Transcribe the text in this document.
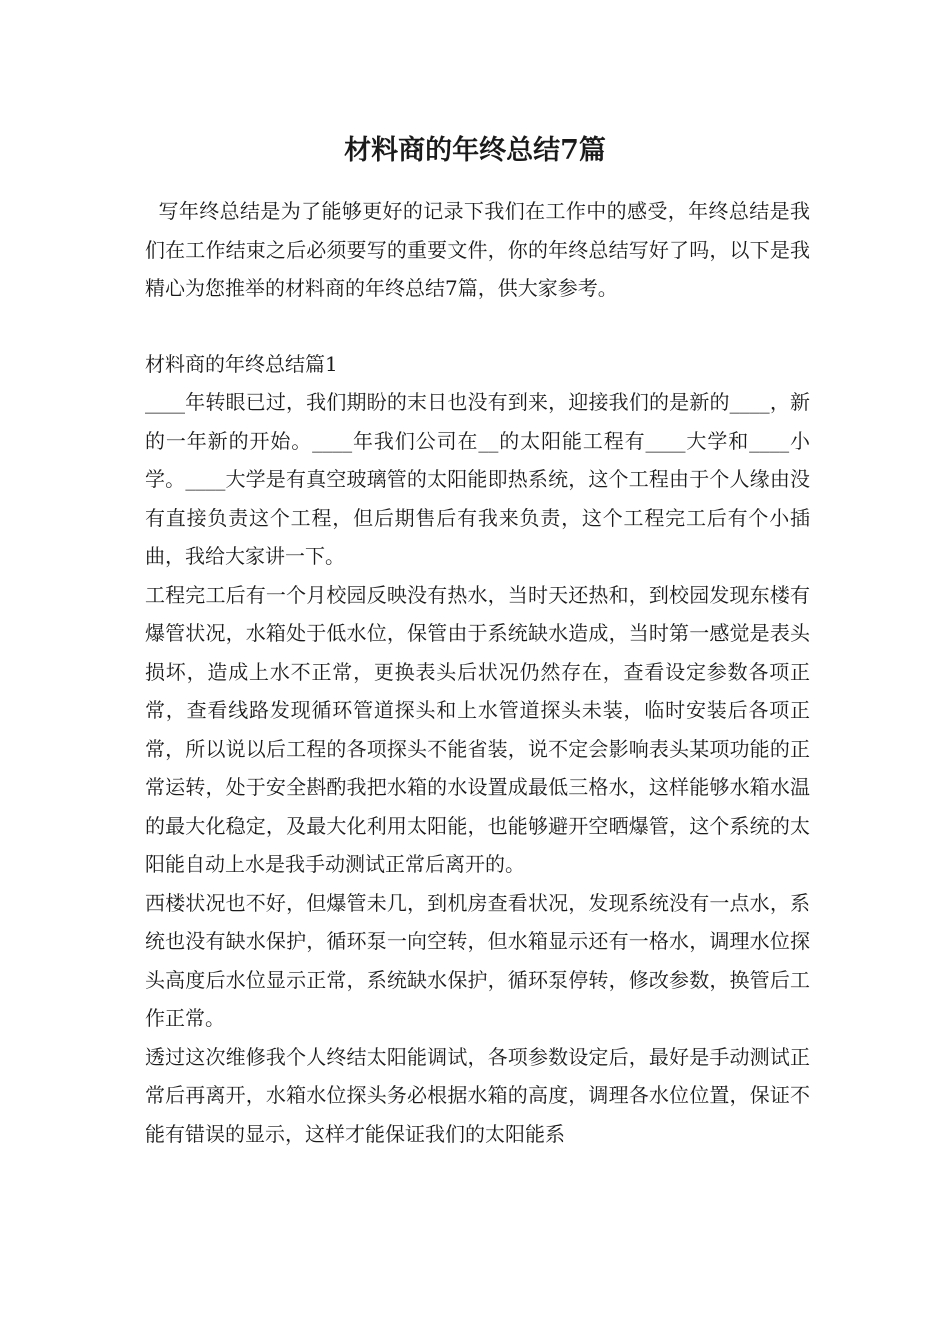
材料商的年终总结7篇

写年终总结是为了能够更好的记录下我们在工作中的感受，年终总结是我们在工作结束之后必须要写的重要文件，你的年终总结写好了吗，以下是我精心为您推举的材料商的年终总结7篇，供大家参考。

材料商的年终总结篇1

____年转眼已过，我们期盼的末日也没有到来，迎接我们的是新的____，新的一年新的开始。____年我们公司在__的太阳能工程有____大学和____小学。____大学是有真空玻璃管的太阳能即热系统，这个工程由于个人缘由没有直接负责这个工程，但后期售后有我来负责，这个工程完工后有个小插曲，我给大家讲一下。

工程完工后有一个月校园反映没有热水，当时天还热和，到校园发现东楼有爆管状况，水箱处于低水位，保管由于系统缺水造成，当时第一感觉是表头损坏，造成上水不正常，更换表头后状况仍然存在，查看设定参数各项正常，查看线路发现循环管道探头和上水管道探头未装，临时安装后各项正常，所以说以后工程的各项探头不能省装，说不定会影响表头某项功能的正常运转，处于安全斟酌我把水箱的水设置成最低三格水，这样能够水箱水温的最大化稳定，及最大化利用太阳能，也能够避开空晒爆管，这个系统的太阳能自动上水是我手动测试正常后离开的。

西楼状况也不好，但爆管未几，到机房查看状况，发现系统没有一点水，系统也没有缺水保护，循环泵一向空转，但水箱显示还有一格水，调理水位探头高度后水位显示正常，系统缺水保护，循环泵停转，修改参数，换管后工作正常。

透过这次维修我个人终结太阳能调试，各项参数设定后，最好是手动测试正常后再离开，水箱水位探头务必根据水箱的高度，调理各水位位置，保证不能有错误的显示，这样才能保证我们的太阳能系
